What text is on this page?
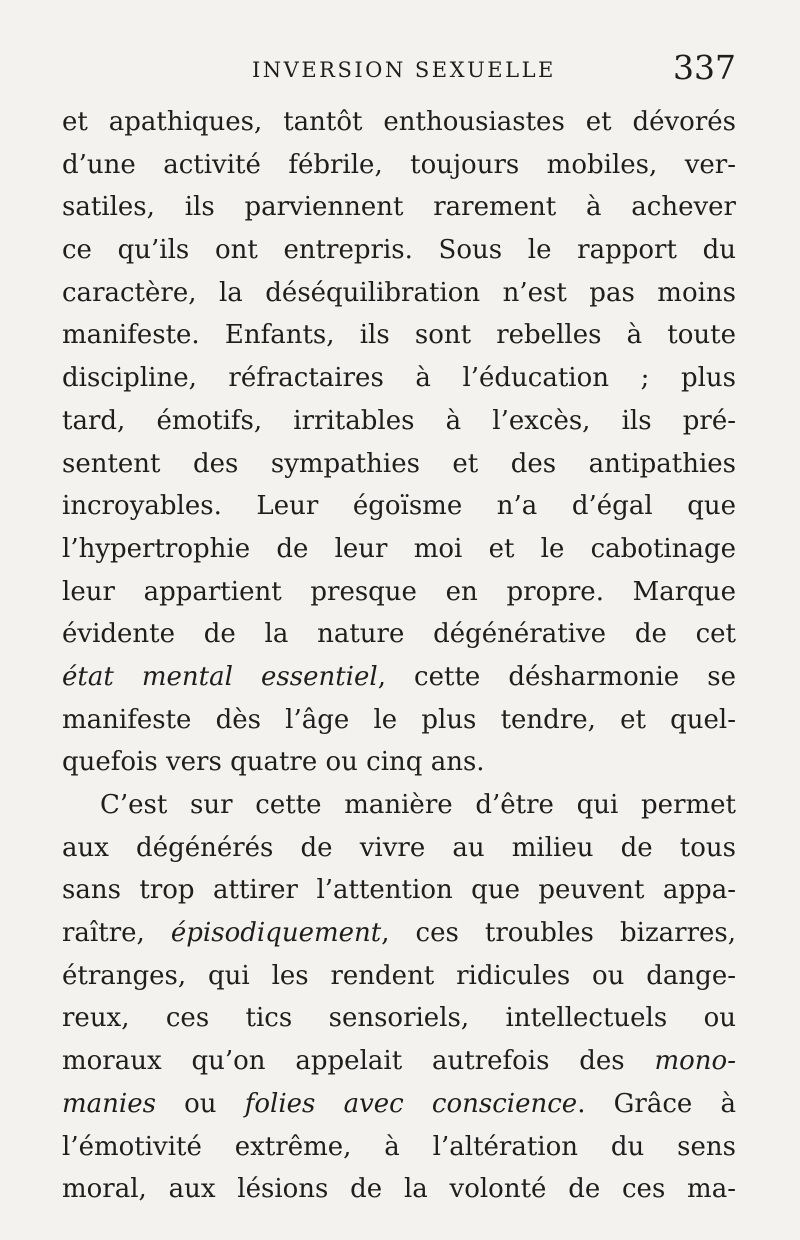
INVERSION SEXUELLE	337
et apathiques, tantôt enthousiastes et dévorés
d’une activité fébrile, toujours mobiles, ver-
satiles, ils parviennent rarement à achever
ce qu’ils ont entrepris. Sous le rapport du
caractère, la déséquilibration n’est pas moins
manifeste. Enfants, ils sont rebelles à toute
discipline, réfractaires à l’éducation ; plus
tard, émotifs, irritables à l’excès, ils pré-
sentent des sympathies et des antipathies
incroyables. Leur égoïsme n’a d’égal que
l’hypertrophie de leur moi et le cabotinage
leur appartient presque en propre. Marque
évidente de la nature dégénérative de cet
état mental essentiel, cette désharmonie se
manifeste dès l’âge le plus tendre, et quel-
quefois vers quatre ou cinq ans.
C’est sur cette manière d’être qui permet
aux dégénérés de vivre au milieu de tous
sans trop attirer l’attention que peuvent appa-
raître, épisodiquement, ces troubles bizarres,
étranges, qui les rendent ridicules ou dange-
reux, ces tics sensoriels, intellectuels ou
moraux qu’on appelait autrefois des mono-
manies ou folies avec conscience. Grâce à
l’émotivité extrême, à l’altération du sens
moral, aux lésions de la volonté de ces ma-
